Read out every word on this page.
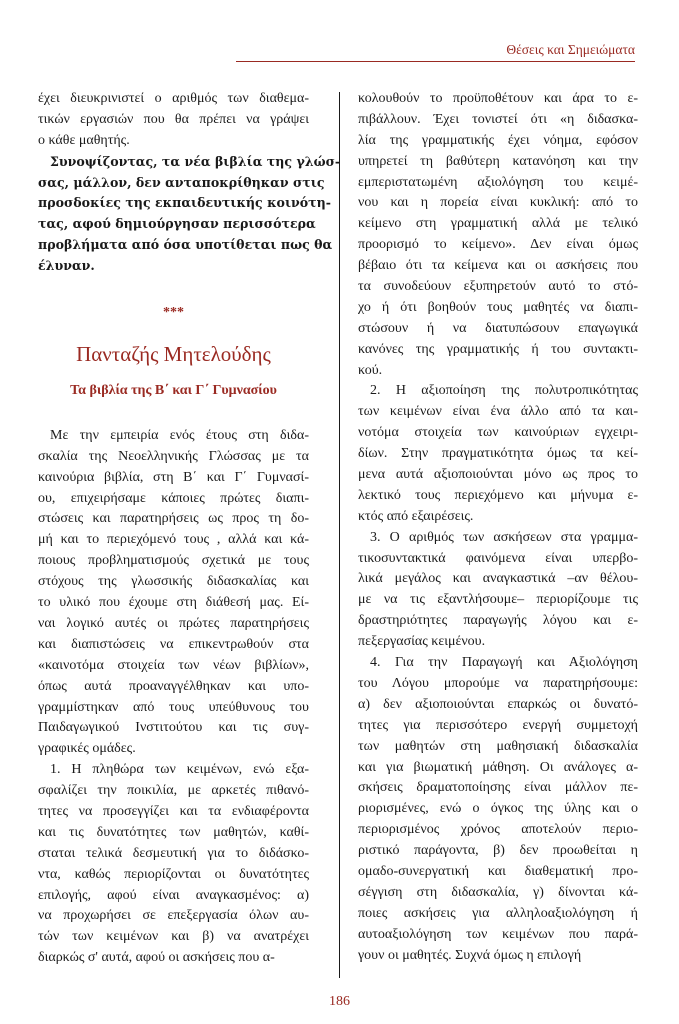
Θέσεις και Σημειώματα
έχει διευκρινιστεί ο αριθμός των διαθεμα-
τικών εργασιών που θα πρέπει να γράψει
ο κάθε μαθητής.
Συνοψίζοντας, τα νέα βιβλία της γλώσ-
σας, μάλλον, δεν ανταποκρίθηκαν στις
προσδοκίες της εκπαιδευτικής κοινότη-
τας, αφού δημιούργησαν περισσότερα
προβλήματα από όσα υποτίθεται πως θα
έλυναν.
***
Πανταζής Μητελούδης
Τα βιβλία της Β΄ και Γ΄ Γυμνασίου
Με την εμπειρία ενός έτους στη διδα-
σκαλία της Νεοελληνικής Γλώσσας με τα
καινούρια βιβλία, στη Β΄ και Γ΄ Γυμνασί-
ου, επιχειρήσαμε κάποιες πρώτες διαπι-
στώσεις και παρατηρήσεις ως προς τη δο-
μή και το περιεχόμενό τους , αλλά και κά-
ποιους προβληματισμούς σχετικά με τους
στόχους της γλωσσικής διδασκαλίας και
το υλικό που έχουμε στη διάθεσή μας. Εί-
ναι λογικό αυτές οι πρώτες παρατηρήσεις
και διαπιστώσεις να επικεντρωθούν στα
«καινοτόμα στοιχεία των νέων βιβλίων»,
όπως αυτά προαναγγέλθηκαν και υπο-
γραμμίστηκαν από τους υπεύθυνους του
Παιδαγωγικού Ινστιτούτου και τις συγ-
γραφικές ομάδες.
1. Η πληθώρα των κειμένων, ενώ εξα-
σφαλίζει την ποικιλία, με αρκετές πιθανό-
τητες να προσεγγίζει και τα ενδιαφέροντα
και τις δυνατότητες των μαθητών, καθί-
σταται τελικά δεσμευτική για το διδάσκο-
ντα, καθώς περιορίζονται οι δυνατότητες
επιλογής, αφού είναι αναγκασμένος: α)
να προχωρήσει σε επεξεργασία όλων αυ-
τών των κειμένων και β) να ανατρέχει
διαρκώς σ' αυτά, αφού οι ασκήσεις που α-
κολουθούν το προϋποθέτουν και άρα το ε-
πιβάλλουν. Έχει τονιστεί ότι «η διδασκα-
λία της γραμματικής έχει νόημα, εφόσον
υπηρετεί τη βαθύτερη κατανόηση και την
εμπεριστατωμένη αξιολόγηση του κειμέ-
νου και η πορεία είναι κυκλική: από το
κείμενο στη γραμματική αλλά με τελικό
προορισμό το κείμενο». Δεν είναι όμως
βέβαιο ότι τα κείμενα και οι ασκήσεις που
τα συνοδεύουν εξυπηρετούν αυτό το στό-
χο ή ότι βοηθούν τους μαθητές να διαπι-
στώσουν ή να διατυπώσουν επαγωγικά
κανόνες της γραμματικής ή του συντακτι-
κού.
2. Η αξιοποίηση της πολυτροπικότητας
των κειμένων είναι ένα άλλο από τα και-
νοτόμα στοιχεία των καινούριων εγχειρι-
δίων. Στην πραγματικότητα όμως τα κεί-
μενα αυτά αξιοποιούνται μόνο ως προς το
λεκτικό τους περιεχόμενο και μήνυμα ε-
κτός από εξαιρέσεις.
3. Ο αριθμός των ασκήσεων στα γραμμα-
τικοσυντακτικά φαινόμενα είναι υπερβο-
λικά μεγάλος και αναγκαστικά –αν θέλου-
με να τις εξαντλήσουμε– περιορίζουμε τις
δραστηριότητες παραγωγής λόγου και ε-
πεξεργασίας κειμένου.
4. Για την Παραγωγή και Αξιολόγηση
του Λόγου μπορούμε να παρατηρήσουμε:
α) δεν αξιοποιούνται επαρκώς οι δυνατό-
τητες για περισσότερο ενεργή συμμετοχή
των μαθητών στη μαθησιακή διδασκαλία
και για βιωματική μάθηση. Οι ανάλογες α-
σκήσεις δραματοποίησης είναι μάλλον πε-
ριορισμένες, ενώ ο όγκος της ύλης και ο
περιορισμένος χρόνος αποτελούν περιο-
ριστικό παράγοντα, β) δεν προωθείται η
ομαδο-συνεργατική και διαθεματική προ-
σέγγιση στη διδασκαλία, γ) δίνονται κά-
ποιες ασκήσεις για αλληλοαξιολόγηση ή
αυτοαξιολόγηση των κειμένων που παρά-
γουν οι μαθητές. Συχνά όμως η επιλογή
186
